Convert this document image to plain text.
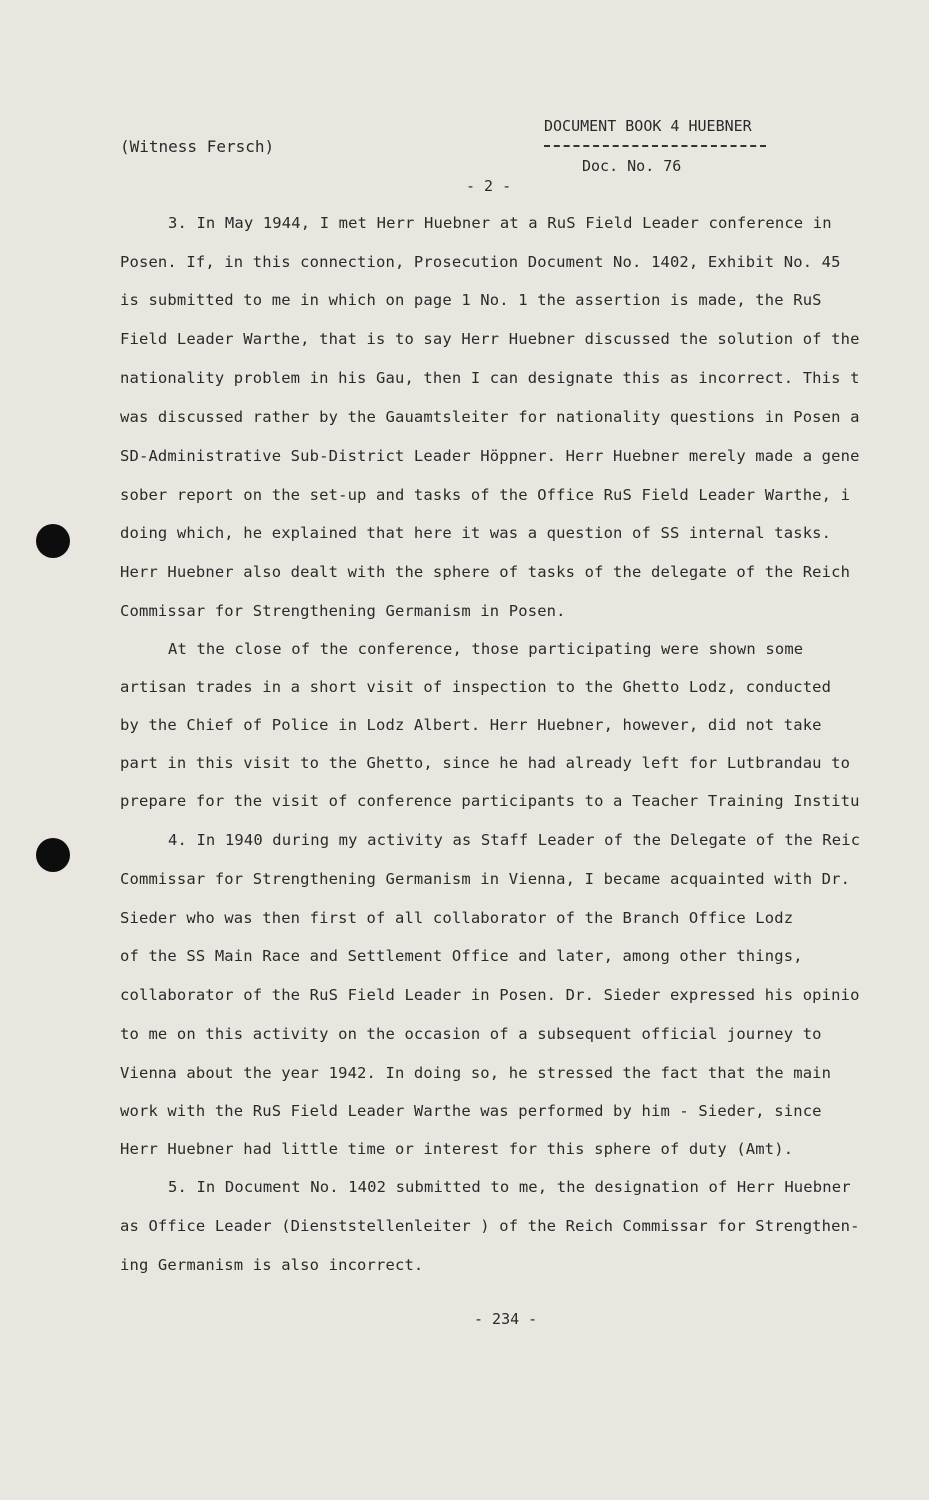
(Witness Fersch)
DOCUMENT BOOK 4 HUEBNER
Doc. No. 76
- 2 -
3. In May 1944, I met Herr Huebner at a RuS Field Leader conference in
Posen. If, in this connection, Prosecution Document No. 1402, Exhibit No. 45
is submitted to me in which on page 1 No. 1 the assertion is made, the RuS
Field Leader Warthe, that is to say Herr Huebner discussed the solution of the
nationality problem in his Gau, then I can designate this as incorrect. This t
was discussed rather by the Gauamtsleiter for nationality questions in Posen a
SD-Administrative Sub-District Leader Höppner. Herr Huebner merely made a gene
sober report on the set-up and tasks of the Office RuS Field Leader Warthe, i
doing which, he explained that here it was a question of SS internal tasks.
Herr Huebner also dealt with the sphere of tasks of the delegate of the Reich
Commissar for Strengthening Germanism in Posen.
At the close of the conference, those participating were shown some
artisan trades in a short visit of inspection to the Ghetto Lodz, conducted
by the Chief of Police in Lodz Albert. Herr Huebner, however, did not take
part in this visit to the Ghetto, since he had already left for Lutbrandau to
prepare for the visit of conference participants to a Teacher Training Institu
4. In 1940 during my activity as Staff Leader of the Delegate of the Reic
Commissar for Strengthening Germanism in Vienna, I became acquainted with Dr.
Sieder who was then first of all collaborator of the Branch Office Lodz
of the SS Main Race and Settlement Office and later, among other things,
collaborator of the RuS Field Leader in Posen. Dr. Sieder expressed his opinio
to me on this activity on the occasion of a subsequent official journey to
Vienna about the year 1942. In doing so, he stressed the fact that the main
work with the RuS Field Leader Warthe was performed by him - Sieder, since
Herr Huebner had little time or interest for this sphere of duty (Amt).
5. In Document No. 1402 submitted to me, the designation of Herr Huebner
as Office Leader (Dienststellenleiter ) of the Reich Commissar for Strengthen-
ing Germanism is also incorrect.
- 234 -
